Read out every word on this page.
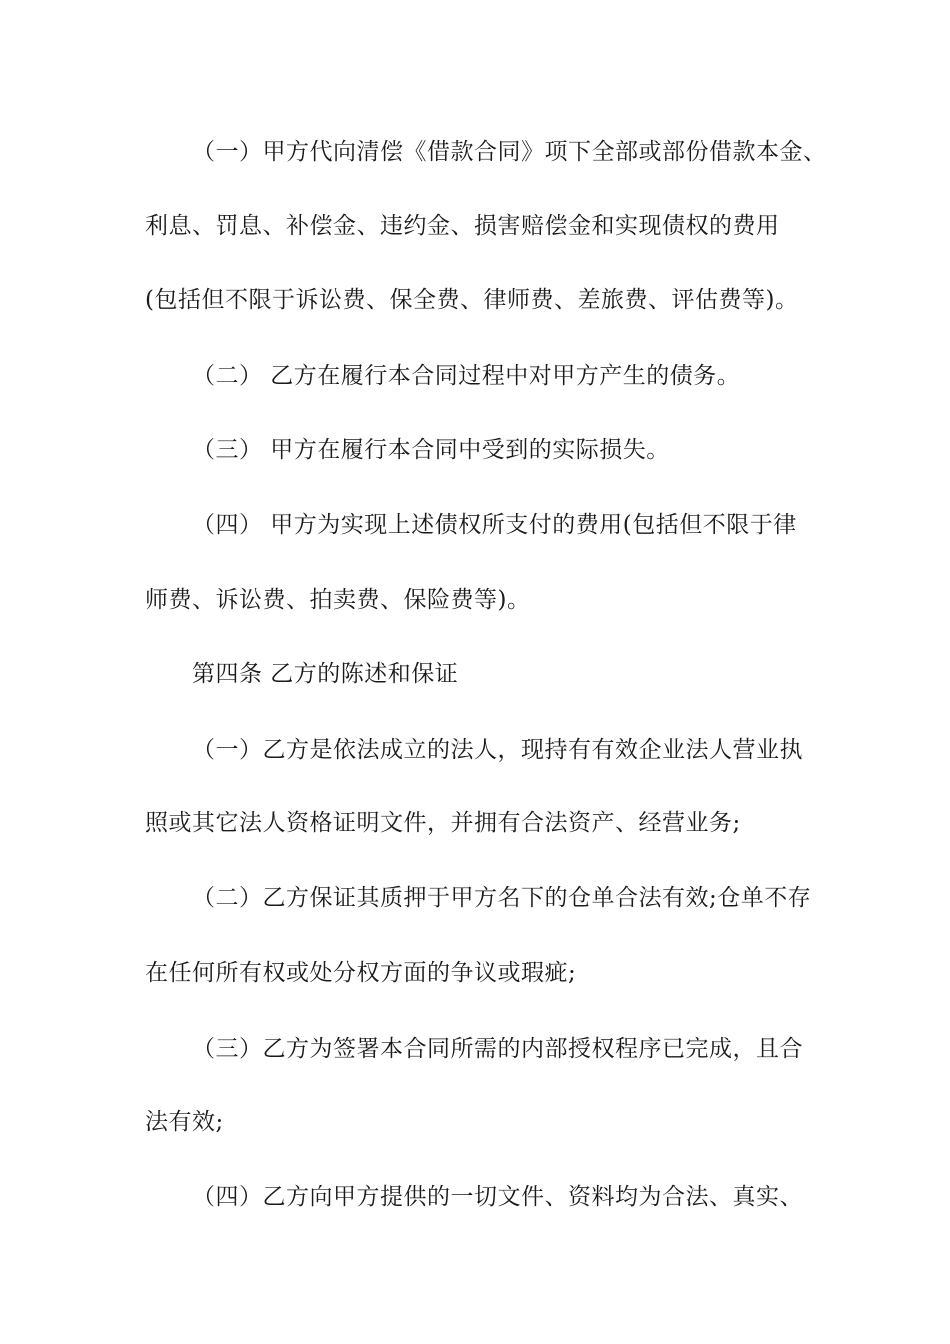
（一）甲方代向清偿《借款合同》项下全部或部份借款本金、
利息、罚息、补偿金、违约金、损害赔偿金和实现债权的费用
(包括但不限于诉讼费、保全费、律师费、差旅费、评估费等)。
（二） 乙方在履行本合同过程中对甲方产生的债务。
（三） 甲方在履行本合同中受到的实际损失。
（四） 甲方为实现上述债权所支付的费用(包括但不限于律
师费、诉讼费、拍卖费、保险费等)。
第四条 乙方的陈述和保证
（一）乙方是依法成立的法人，现持有有效企业法人营业执
照或其它法人资格证明文件，并拥有合法资产、经营业务;
（二）乙方保证其质押于甲方名下的仓单合法有效;仓单不存
在任何所有权或处分权方面的争议或瑕疵;
（三）乙方为签署本合同所需的内部授权程序已完成，且合
法有效;
（四）乙方向甲方提供的一切文件、资料均为合法、真实、
